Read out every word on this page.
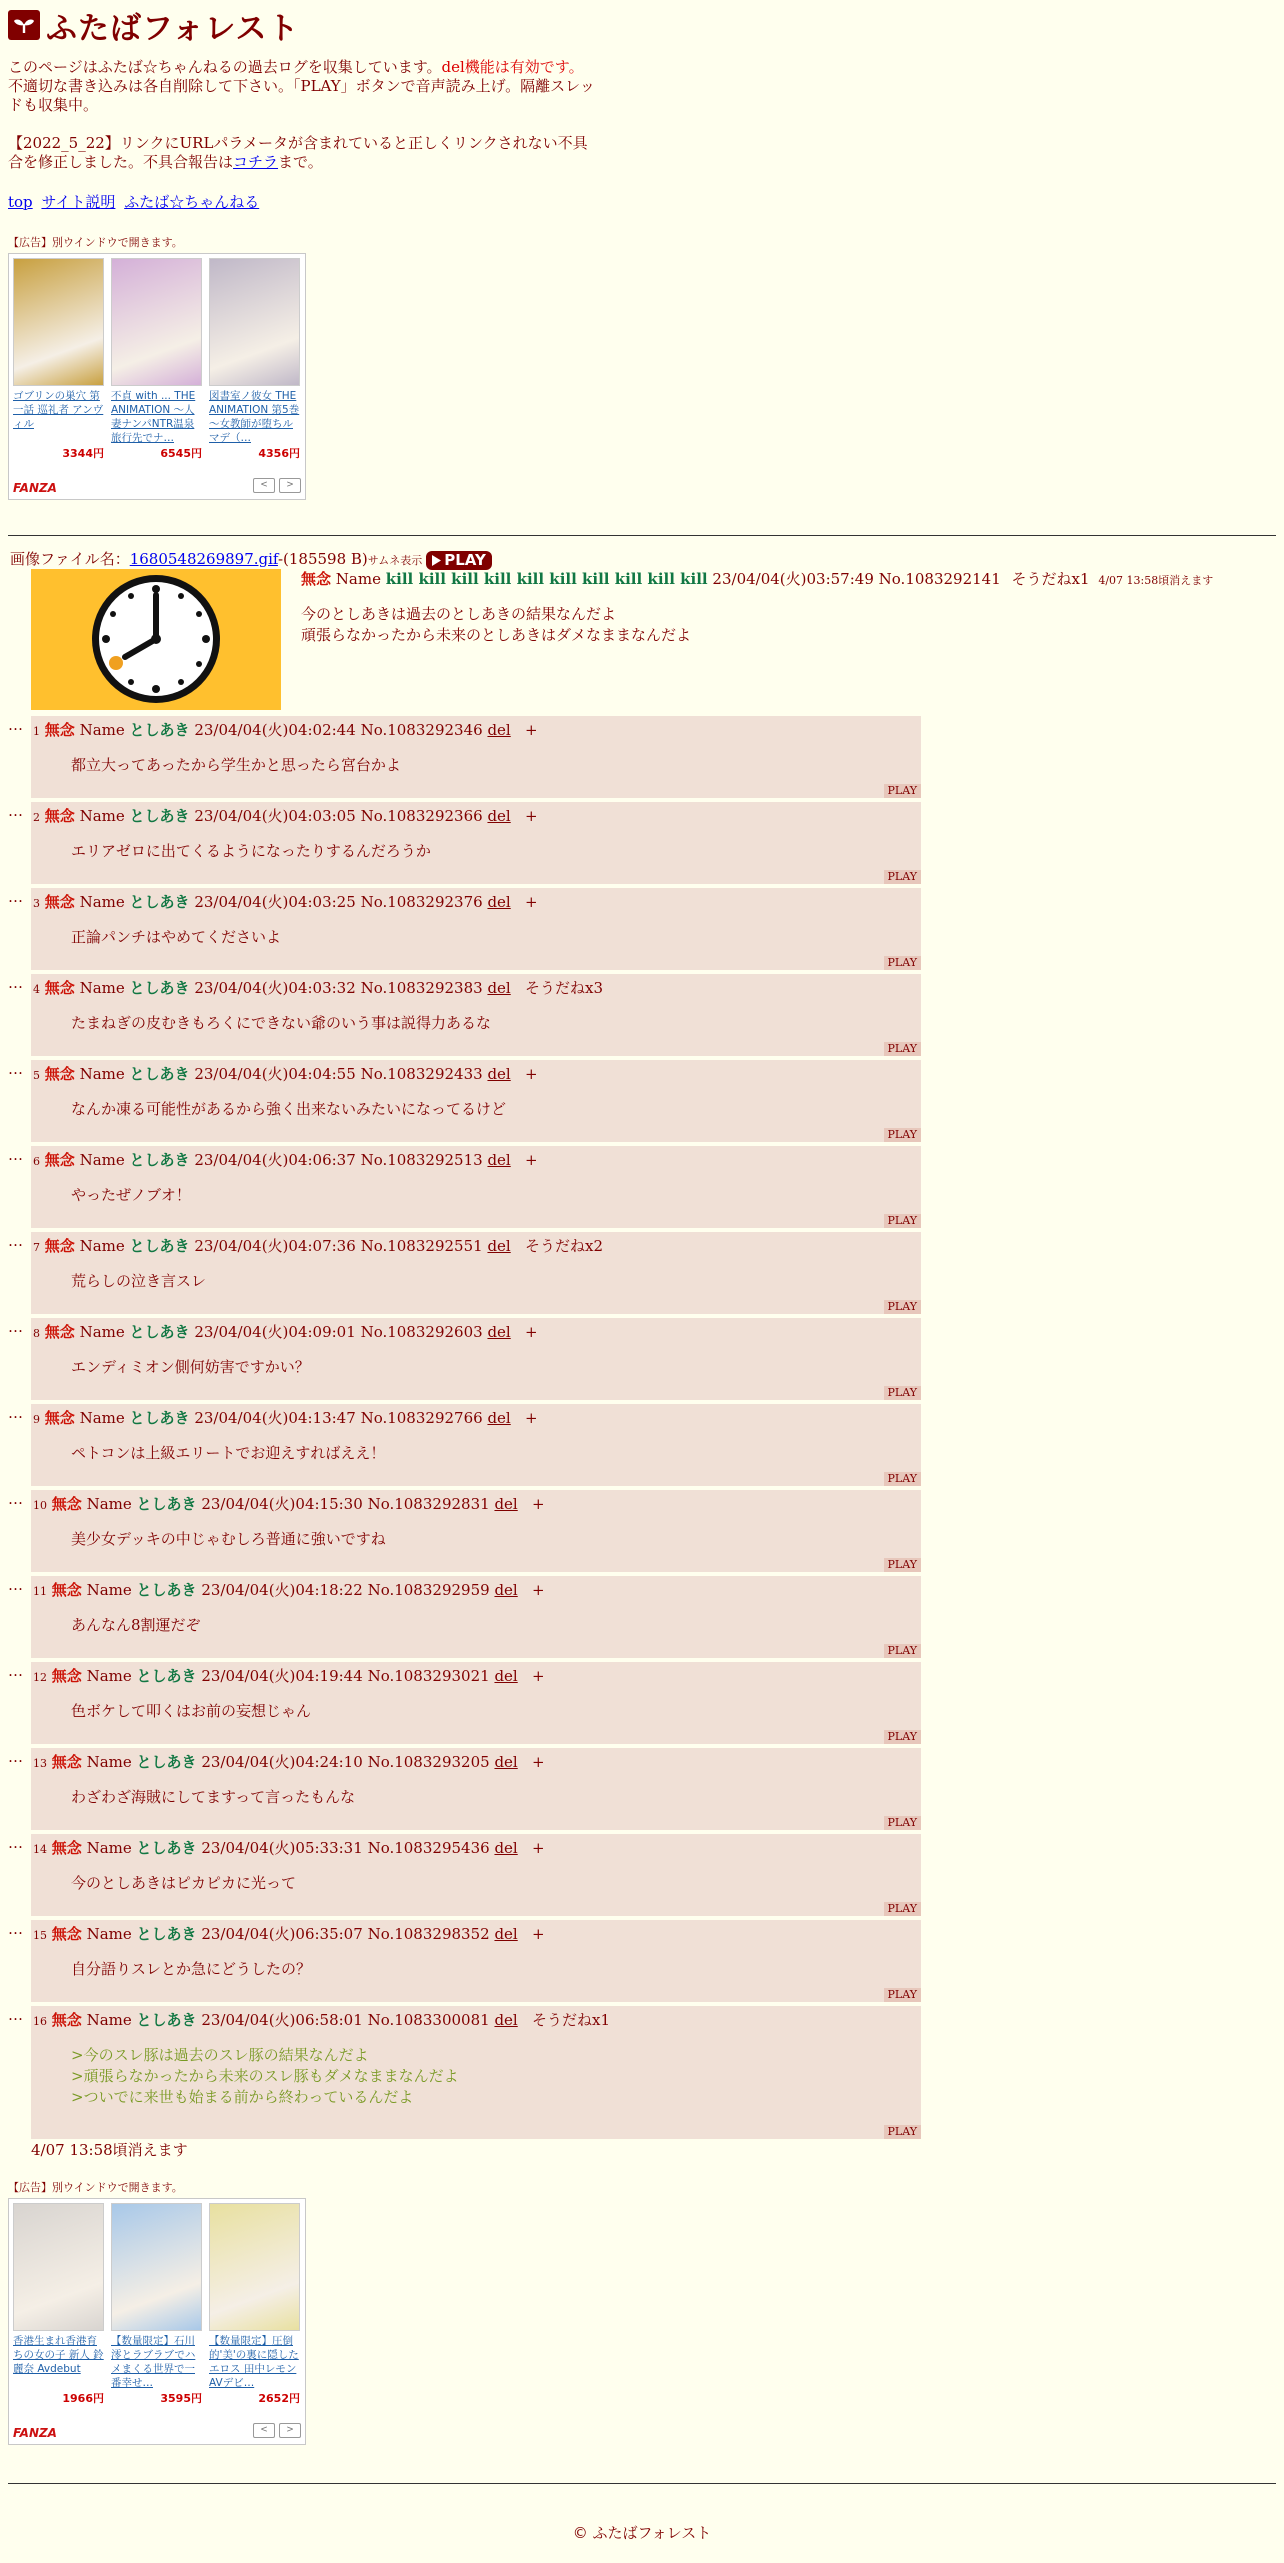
ふたばフォレスト
このページはふたば☆ちゃんねるの過去ログを収集しています。del機能は有効です。不適切な書き込みは各自削除して下さい。「PLAY」ボタンで音声読み上げ。隔離スレッドも収集中。
【2022_5_22】リンクにURLパラメータが含まれていると正しくリンクされない不具合を修正しました。不具合報告はコチラまで。
top サイト説明 ふたば☆ちゃんねる
【広告】別ウインドウで開きます。
ゴブリンの巣穴 第一話 巡礼者 アンヴィル
3344円
不貞 with ... THE ANIMATION 〜人妻ナンパNTR温泉 旅行先でナ…
6545円
図書室ノ彼女 THE ANIMATION 第5巻 〜女教師が堕ちルマデ（…
4356円
FANZA	<	>
画像ファイル名：1680548269897.gif-(185598 B)サムネ表示 PLAY
無念 Name kill kill kill kill kill kill kill kill kill kill 23/04/04(火)03:57:49 No.1083292141 そうだねx1 4/07 13:58頃消えます
今のとしあきは過去のとしあきの結果なんだよ
頑張らなかったから未来のとしあきはダメなままなんだよ
… 1 無念 Name としあき 23/04/04(火)04:02:44 No.1083292346 del +
都立大ってあったから学生かと思ったら宮台かよ
PLAY
… 2 無念 Name としあき 23/04/04(火)04:03:05 No.1083292366 del +
エリアゼロに出てくるようになったりするんだろうか
PLAY
… 3 無念 Name としあき 23/04/04(火)04:03:25 No.1083292376 del +
正論パンチはやめてくださいよ
PLAY
… 4 無念 Name としあき 23/04/04(火)04:03:32 No.1083292383 del そうだねx3
たまねぎの皮むきもろくにできない爺のいう事は説得力あるな
PLAY
… 5 無念 Name としあき 23/04/04(火)04:04:55 No.1083292433 del +
なんか凍る可能性があるから強く出来ないみたいになってるけど
PLAY
… 6 無念 Name としあき 23/04/04(火)04:06:37 No.1083292513 del +
やったぜノブオ！
PLAY
… 7 無念 Name としあき 23/04/04(火)04:07:36 No.1083292551 del そうだねx2
荒らしの泣き言スレ
PLAY
… 8 無念 Name としあき 23/04/04(火)04:09:01 No.1083292603 del +
エンディミオン側何妨害ですかい？
PLAY
… 9 無念 Name としあき 23/04/04(火)04:13:47 No.1083292766 del +
ペトコンは上級エリートでお迎えすればええ！
PLAY
… 10 無念 Name としあき 23/04/04(火)04:15:30 No.1083292831 del +
美少女デッキの中じゃむしろ普通に強いですね
PLAY
… 11 無念 Name としあき 23/04/04(火)04:18:22 No.1083292959 del +
あんなん8割運だぞ
PLAY
… 12 無念 Name としあき 23/04/04(火)04:19:44 No.1083293021 del +
色ボケして叩くはお前の妄想じゃん
PLAY
… 13 無念 Name としあき 23/04/04(火)04:24:10 No.1083293205 del +
わざわざ海賊にしてますって言ったもんな
PLAY
… 14 無念 Name としあき 23/04/04(火)05:33:31 No.1083295436 del +
今のとしあきはピカピカに光って
PLAY
… 15 無念 Name としあき 23/04/04(火)06:35:07 No.1083298352 del +
自分語りスレとか急にどうしたの？
PLAY
… 16 無念 Name としあき 23/04/04(火)06:58:01 No.1083300081 del そうだねx1
>今のスレ豚は過去のスレ豚の結果なんだよ
>頑張らなかったから未来のスレ豚もダメなままなんだよ
>ついでに来世も始まる前から終わっているんだよ
PLAY
4/07 13:58頃消えます
【広告】別ウインドウで開きます。
香港生まれ香港育ちの女の子 新人 鈴麗奈 Avdebut
1966円
【数量限定】石川澪とラブラブでハメまくる世界で一番幸せ…
3595円
【数量限定】圧倒的'美'の裏に隠したエロス 田中レモン AVデビ…
2652円
FANZA	<	>
© ふたばフォレスト
